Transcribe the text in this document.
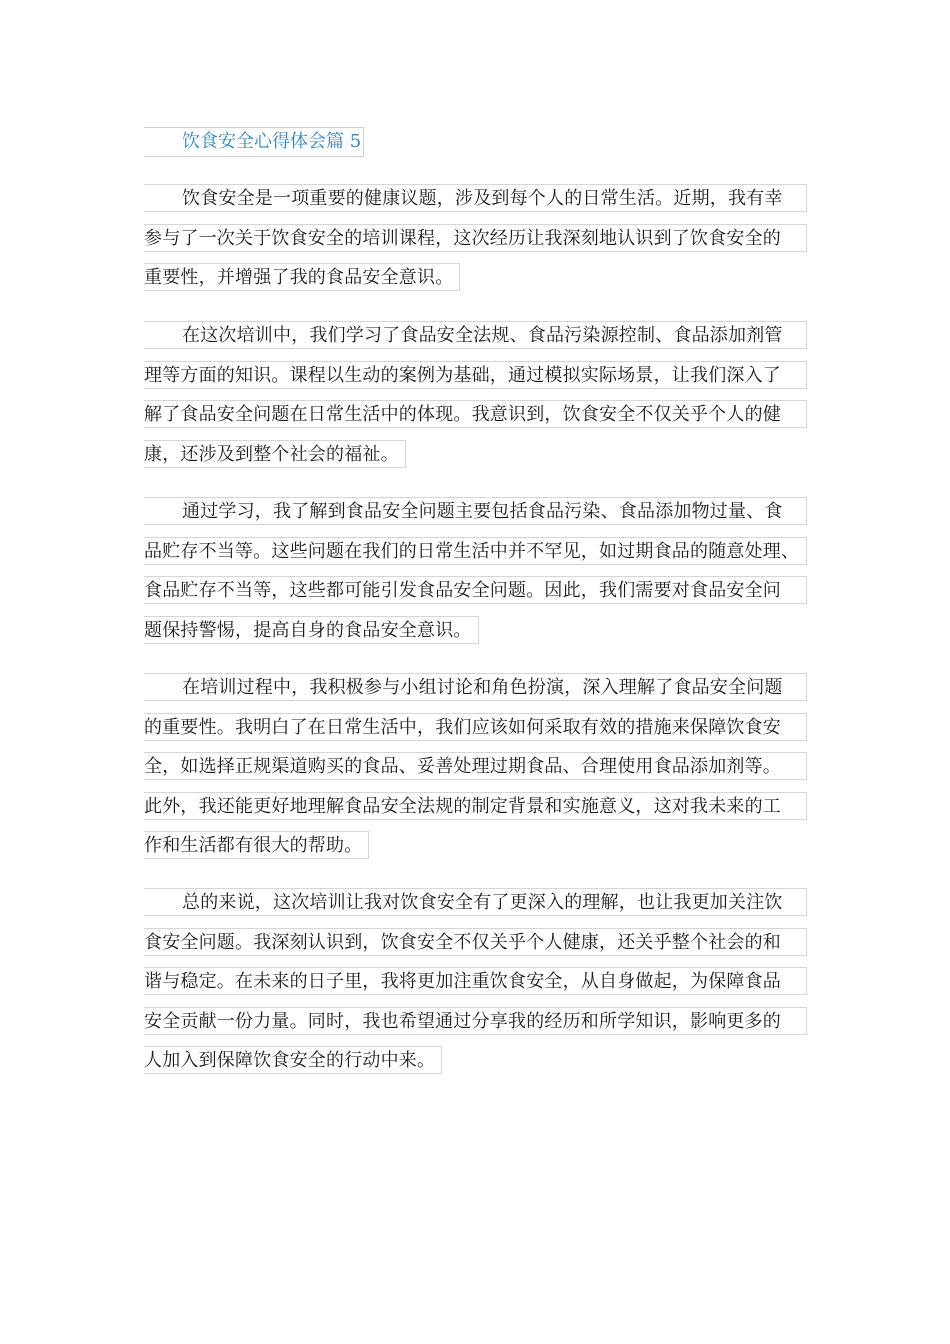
饮食安全心得体会篇 5
饮食安全是一项重要的健康议题，涉及到每个人的日常生活。近期，我有幸
参与了一次关于饮食安全的培训课程，这次经历让我深刻地认识到了饮食安全的
重要性，并增强了我的食品安全意识。
在这次培训中，我们学习了食品安全法规、食品污染源控制、食品添加剂管
理等方面的知识。课程以生动的案例为基础，通过模拟实际场景，让我们深入了
解了食品安全问题在日常生活中的体现。我意识到，饮食安全不仅关乎个人的健
康，还涉及到整个社会的福祉。
通过学习，我了解到食品安全问题主要包括食品污染、食品添加物过量、食
品贮存不当等。这些问题在我们的日常生活中并不罕见，如过期食品的随意处理、
食品贮存不当等，这些都可能引发食品安全问题。因此，我们需要对食品安全问
题保持警惕，提高自身的食品安全意识。
在培训过程中，我积极参与小组讨论和角色扮演，深入理解了食品安全问题
的重要性。我明白了在日常生活中，我们应该如何采取有效的措施来保障饮食安
全，如选择正规渠道购买的食品、妥善处理过期食品、合理使用食品添加剂等。
此外，我还能更好地理解食品安全法规的制定背景和实施意义，这对我未来的工
作和生活都有很大的帮助。
总的来说，这次培训让我对饮食安全有了更深入的理解，也让我更加关注饮
食安全问题。我深刻认识到，饮食安全不仅关乎个人健康，还关乎整个社会的和
谐与稳定。在未来的日子里，我将更加注重饮食安全，从自身做起，为保障食品
安全贡献一份力量。同时，我也希望通过分享我的经历和所学知识，影响更多的
人加入到保障饮食安全的行动中来。
